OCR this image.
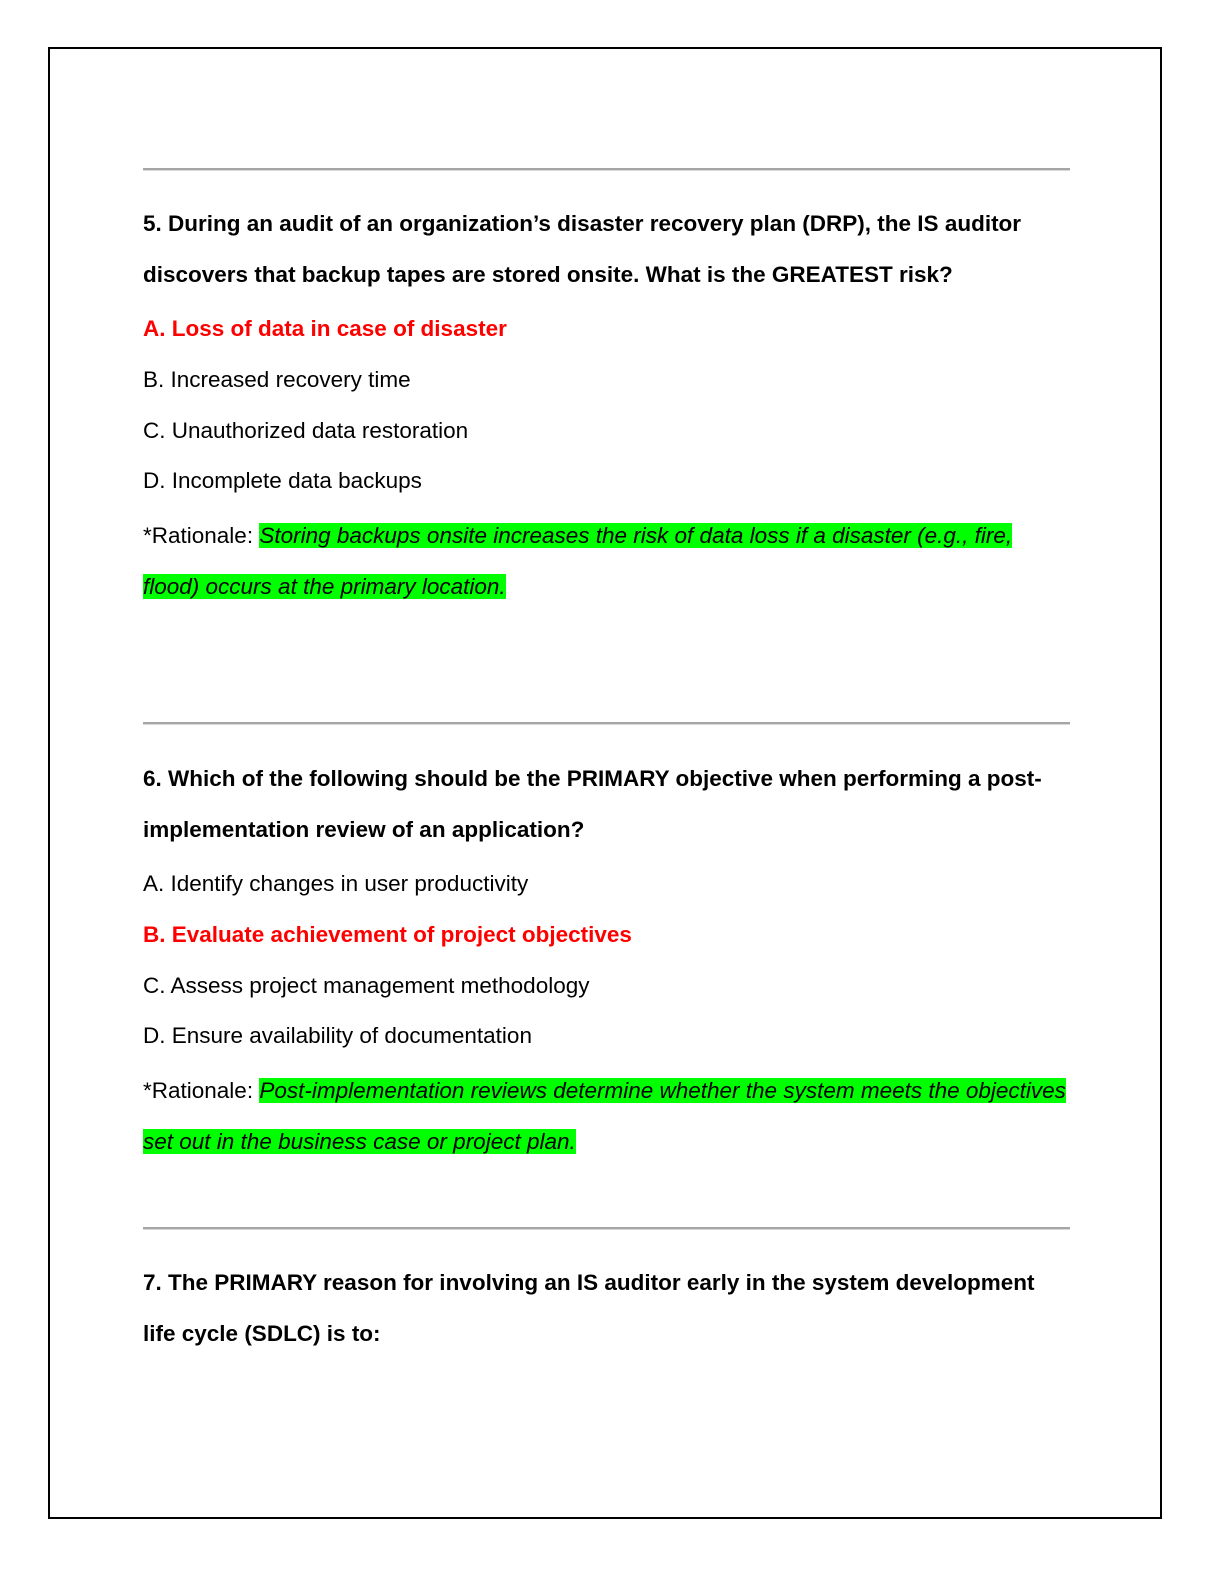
5. During an audit of an organization’s disaster recovery plan (DRP), the IS auditor discovers that backup tapes are stored onsite. What is the GREATEST risk?

A. Loss of data in case of disaster

B. Increased recovery time

C. Unauthorized data restoration

D. Incomplete data backups

*Rationale: Storing backups onsite increases the risk of data loss if a disaster (e.g., fire, flood) occurs at the primary location.

6. Which of the following should be the PRIMARY objective when performing a post-implementation review of an application?

A. Identify changes in user productivity

B. Evaluate achievement of project objectives

C. Assess project management methodology

D. Ensure availability of documentation

*Rationale: Post-implementation reviews determine whether the system meets the objectives set out in the business case or project plan.

7. The PRIMARY reason for involving an IS auditor early in the system development life cycle (SDLC) is to:
